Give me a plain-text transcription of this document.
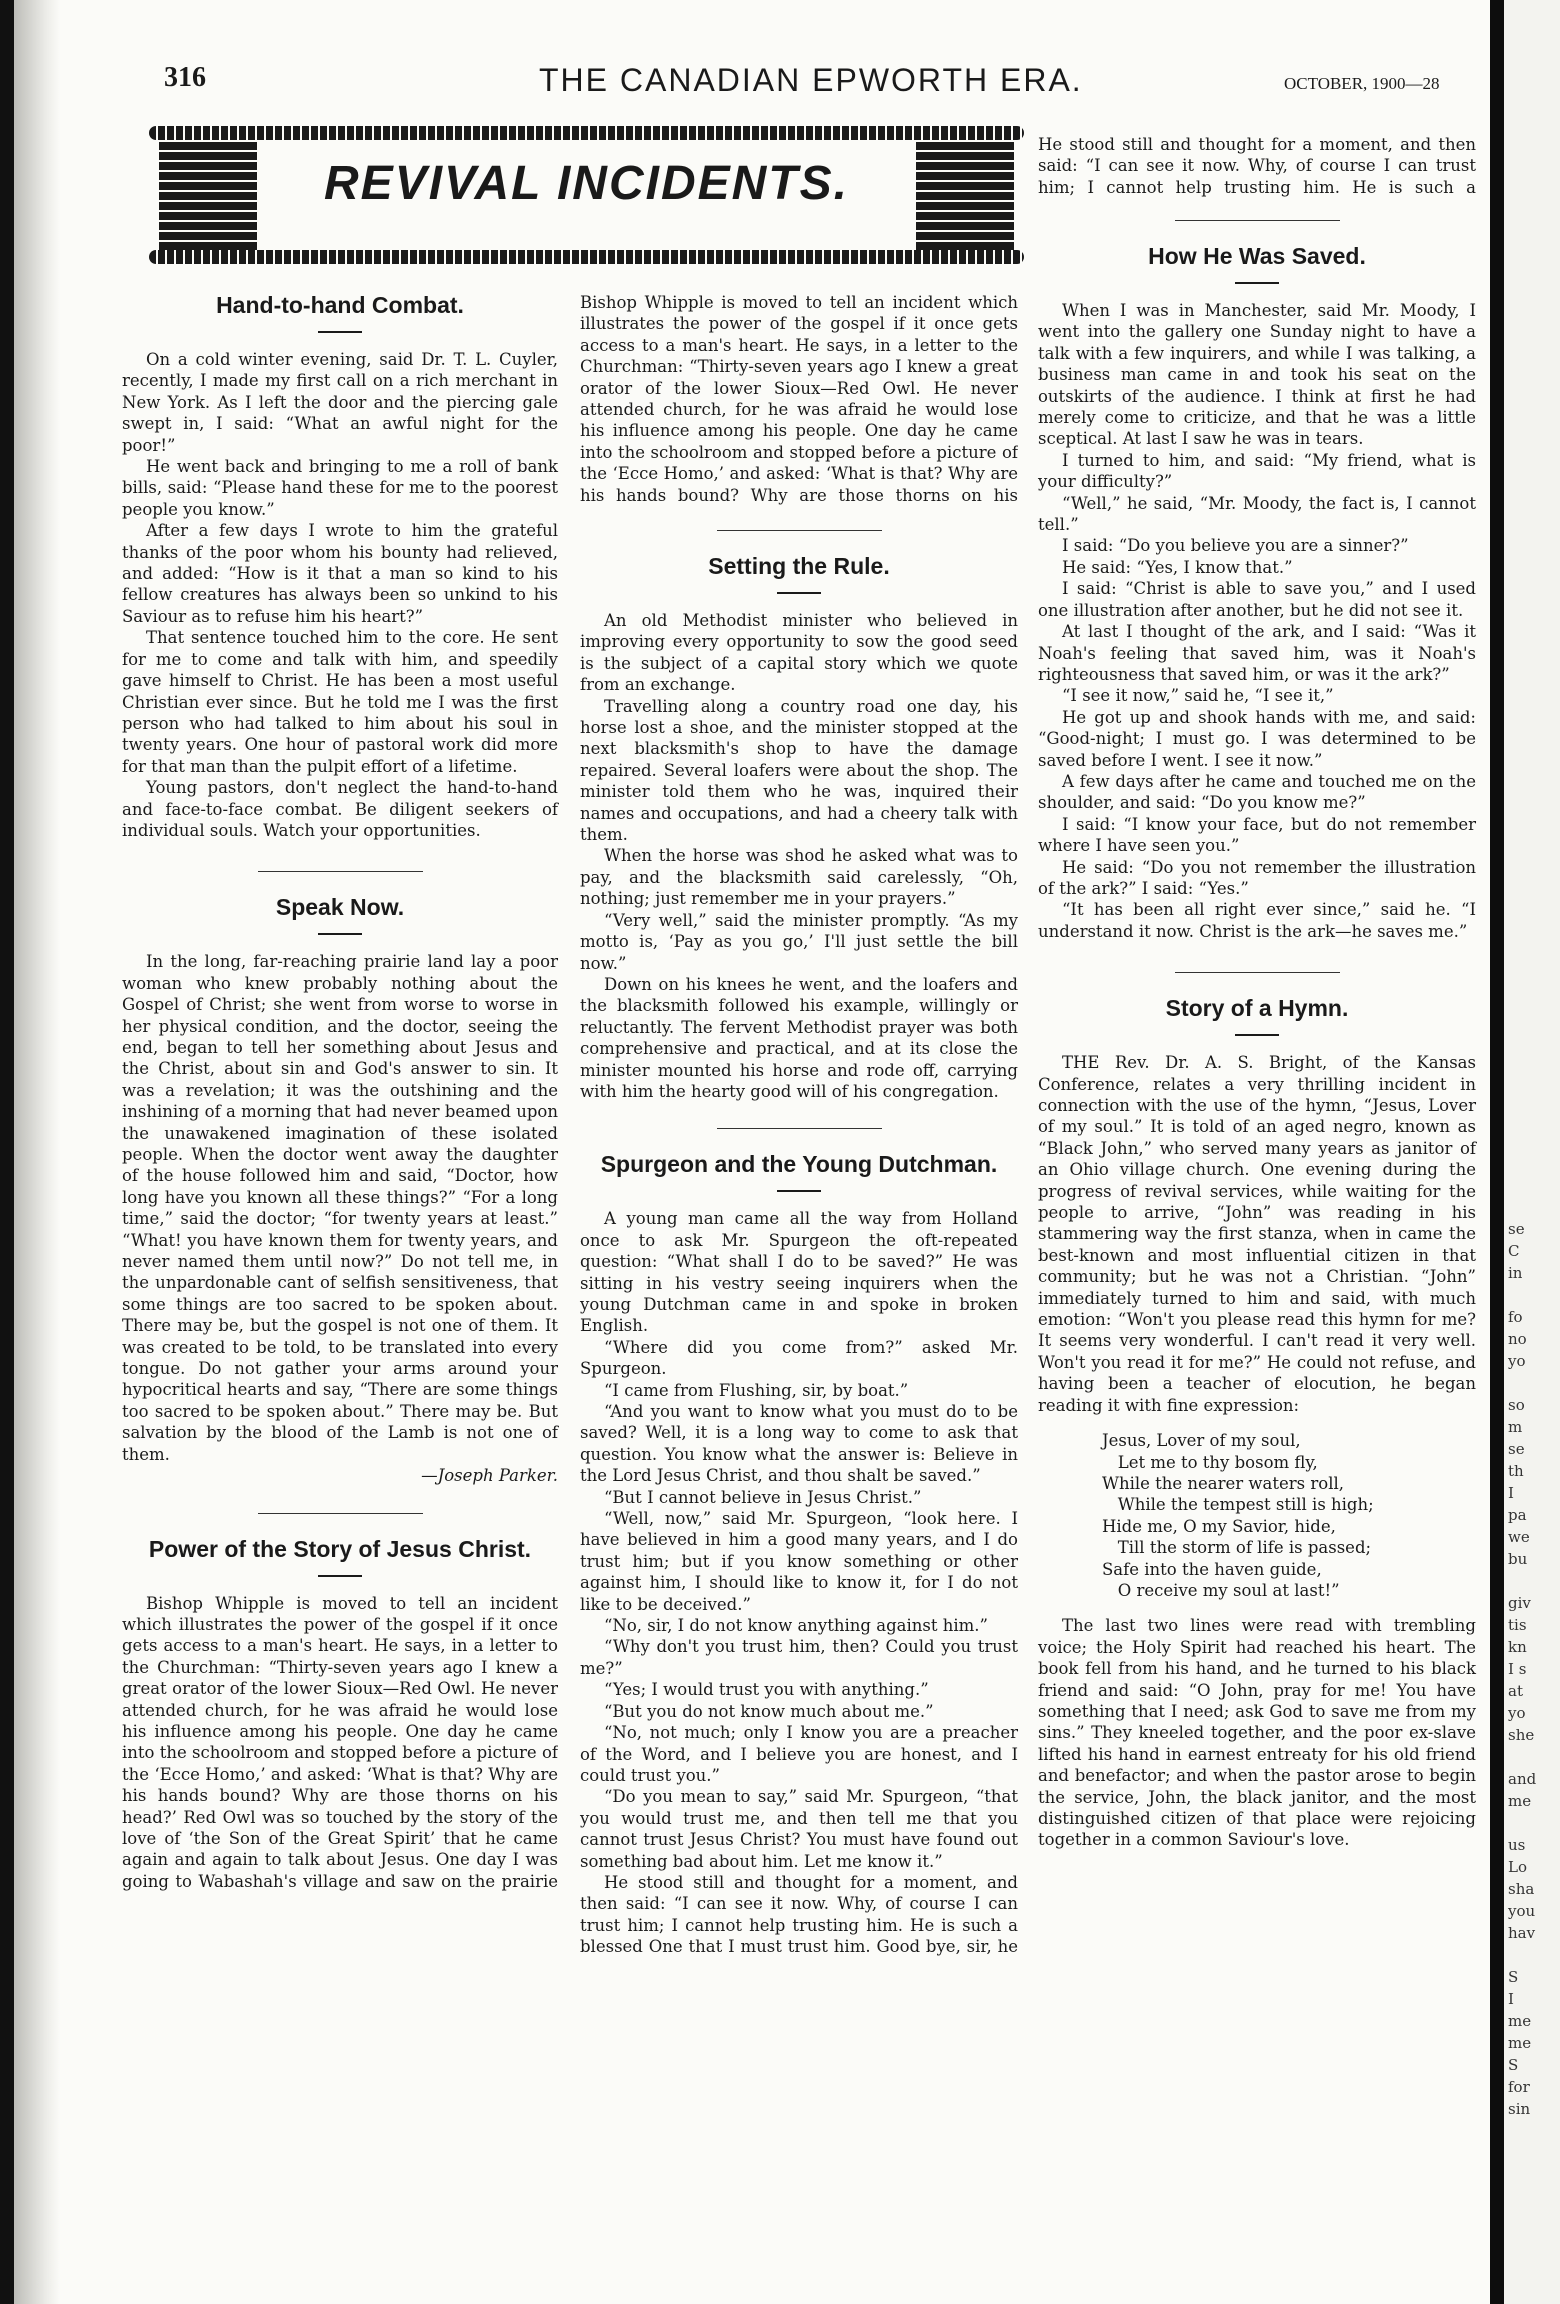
316	THE CANADIAN EPWORTH ERA.	OCTOBER, 1900—28
REVIVAL INCIDENTS.
Hand-to-hand Combat.

On a cold winter evening, said Dr. T. L. Cuyler, recently, I made my first call on a rich merchant in New York. As I left the door and the piercing gale swept in, I said: “What an awful night for the poor!”

He went back and bringing to me a roll of bank bills, said: “Please hand these for me to the poorest people you know.”

After a few days I wrote to him the grateful thanks of the poor whom his bounty had relieved, and added: “How is it that a man so kind to his fellow creatures has always been so unkind to his Saviour as to refuse him his heart?”

That sentence touched him to the core. He sent for me to come and talk with him, and speedily gave himself to Christ. He has been a most useful Christian ever since. But he told me I was the first person who had talked to him about his soul in twenty years. One hour of pastoral work did more for that man than the pulpit effort of a lifetime.

Young pastors, don't neglect the hand-to-hand and face-to-face combat. Be diligent seekers of individual souls. Watch your opportunities.

Speak Now.

In the long, far-reaching prairie land lay a poor woman who knew probably nothing about the Gospel of Christ; she went from worse to worse in her physical condition, and the doctor, seeing the end, began to tell her something about Jesus and the Christ, about sin and God's answer to sin. It was a revelation; it was the outshining and the inshining of a morning that had never beamed upon the unawakened imagination of these isolated people. When the doctor went away the daughter of the house followed him and said, “Doctor, how long have you known all these things?” “For a long time,” said the doctor; “for twenty years at least.” “What! you have known them for twenty years, and never named them until now?” Do not tell me, in the unpardonable cant of selfish sensitiveness, that some things are too sacred to be spoken about. There may be, but the gospel is not one of them. It was created to be told, to be translated into every tongue. Do not gather your arms around your hypocritical hearts and say, “There are some things too sacred to be spoken about.” There may be. But salvation by the blood of the Lamb is not one of them.

—Joseph Parker.

Power of the Story of Jesus Christ.

Bishop Whipple is moved to tell an incident which illustrates the power of the gospel if it once gets access to a man's heart. He says, in a letter to the Churchman: “Thirty-seven years ago I knew a great orator of the lower Sioux—Red Owl. He never attended church, for he was afraid he would lose his influence among his people. One day he came into the schoolroom and stopped before a picture of the ‘Ecce Homo,’ and asked: ‘What is that? Why are his hands bound? Why are those thorns on his head?’ Red Owl was so touched by the story of the love of ‘the Son of the Great Spirit’ that he came again and again to talk about Jesus. One day I was going to Wabashah's village and saw on the prairie

Bishop Whipple is moved to tell an incident which illustrates the power of the gospel if it once gets access to a man's heart. He says, in a letter to the Churchman: “Thirty-seven years ago I knew a great orator of the lower Sioux—Red Owl. He never attended church, for he was afraid he would lose his influence among his people. One day he came into the schoolroom and stopped before a picture of the ‘Ecce Homo,’ and asked: ‘What is that? Why are his hands bound? Why are those thorns on his

Setting the Rule.

An old Methodist minister who believed in improving every opportunity to sow the good seed is the subject of a capital story which we quote from an exchange.

Travelling along a country road one day, his horse lost a shoe, and the minister stopped at the next blacksmith's shop to have the damage repaired. Several loafers were about the shop. The minister told them who he was, inquired their names and occupations, and had a cheery talk with them.

When the horse was shod he asked what was to pay, and the blacksmith said carelessly, “Oh, nothing; just remember me in your prayers.”

“Very well,” said the minister promptly. “As my motto is, ‘Pay as you go,’ I'll just settle the bill now.”

Down on his knees he went, and the loafers and the blacksmith followed his example, willingly or reluctantly. The fervent Methodist prayer was both comprehensive and practical, and at its close the minister mounted his horse and rode off, carrying with him the hearty good will of his congregation.

Spurgeon and the Young Dutchman.

A young man came all the way from Holland once to ask Mr. Spurgeon the oft-repeated question: “What shall I do to be saved?” He was sitting in his vestry seeing inquirers when the young Dutchman came in and spoke in broken English.

“Where did you come from?” asked Mr. Spurgeon.

“I came from Flushing, sir, by boat.”

“And you want to know what you must do to be saved? Well, it is a long way to come to ask that question. You know what the answer is: Believe in the Lord Jesus Christ, and thou shalt be saved.”

“But I cannot believe in Jesus Christ.”

“Well, now,” said Mr. Spurgeon, “look here. I have believed in him a good many years, and I do trust him; but if you know something or other against him, I should like to know it, for I do not like to be deceived.”

“No, sir, I do not know anything against him.”

“Why don't you trust him, then? Could you trust me?”

“Yes; I would trust you with anything.”

“But you do not know much about me.”

“No, not much; only I know you are a preacher of the Word, and I believe you are honest, and I could trust you.”

“Do you mean to say,” said Mr. Spurgeon, “that you would trust me, and then tell me that you cannot trust Jesus Christ? You must have found out something bad about him. Let me know it.”

He stood still and thought for a moment, and then said: “I can see it now. Why, of course I can trust him; I cannot help trusting him. He is such a blessed One that I must trust him. Good bye, sir, he

He stood still and thought for a moment, and then said: “I can see it now. Why, of course I can trust him; I cannot help trusting him. He is such a

How He Was Saved.

When I was in Manchester, said Mr. Moody, I went into the gallery one Sunday night to have a talk with a few inquirers, and while I was talking, a business man came in and took his seat on the outskirts of the audience. I think at first he had merely come to criticize, and that he was a little sceptical. At last I saw he was in tears.

I turned to him, and said: “My friend, what is your difficulty?”

“Well,” he said, “Mr. Moody, the fact is, I cannot tell.”

I said: “Do you believe you are a sinner?”

He said: “Yes, I know that.”

I said: “Christ is able to save you,” and I used one illustration after another, but he did not see it.

At last I thought of the ark, and I said: “Was it Noah's feeling that saved him, was it Noah's righteousness that saved him, or was it the ark?”

“I see it now,” said he, “I see it,”

He got up and shook hands with me, and said: “Good-night; I must go. I was determined to be saved before I went. I see it now.”

A few days after he came and touched me on the shoulder, and said: “Do you know me?”

I said: “I know your face, but do not remember where I have seen you.”

He said: “Do you not remember the illustration of the ark?” I said: “Yes.”

“It has been all right ever since,” said he. “I understand it now. Christ is the ark—he saves me.”

Story of a Hymn.

THE Rev. Dr. A. S. Bright, of the Kansas Conference, relates a very thrilling incident in connection with the use of the hymn, “Jesus, Lover of my soul.” It is told of an aged negro, known as “Black John,” who served many years as janitor of an Ohio village church. One evening during the progress of revival services, while waiting for the people to arrive, “John” was reading in his stammering way the first stanza, when in came the best-known and most influential citizen in that community; but he was not a Christian. “John” immediately turned to him and said, with much emotion: “Won't you please read this hymn for me? It seems very wonderful. I can't read it very well. Won't you read it for me?” He could not refuse, and having been a teacher of elocution, he began reading it with fine expression:

Jesus, Lover of my soul,
Let me to thy bosom fly,
While the nearer waters roll,
While the tempest still is high;
Hide me, O my Savior, hide,
Till the storm of life is passed;
Safe into the haven guide,
O receive my soul at last!”

The last two lines were read with trembling voice; the Holy Spirit had reached his heart. The book fell from his hand, and he turned to his black friend and said: “O John, pray for me! You have something that I need; ask God to save me from my sins.” They kneeled together, and the poor ex-slave lifted his hand in earnest entreaty for his old friend and benefactor; and when the pastor arose to begin the service, John, the black janitor, and the most distinguished citizen of that place were rejoicing together in a common Saviour's love.

se
C
in
fo
no
yo
so
m
se
th
I
pa
we
bu
giv
tis
kn
I s
at
yo
she
and
me
us
Lo
sha
you
hav
S
I
me
me
S
for
sin
